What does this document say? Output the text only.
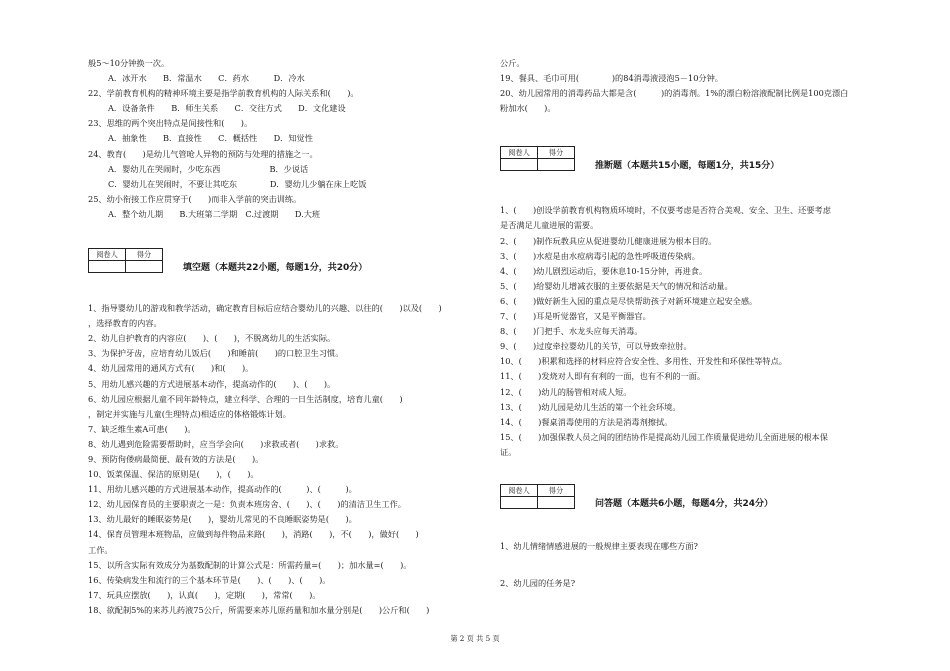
般5～10分钟换一次。
A．冰开水　　B．常温水　　C．药水　　　D．冷水
22、学前教育机构的精神环境主要是指学前教育机构的人际关系和(　　)。
A．设备条件　　B．师生关系　　C．交往方式　　D．文化建设
23、思维的两个突出特点是间接性和(　　)。
A．抽象性　　B．直接性　　C．概括性　　D．知觉性
24、教育(　　)是幼儿气管呛人异物的预防与处理的措施之一。
A．婴幼儿在哭闹时，少吃东西　　　　　　B．少说话
C．婴幼儿在哭闹时，不要让其吃东　　　　D．婴幼儿少躺在床上吃饭
25、幼小衔接工作应贯穿于(　　)而非入学前的突击训练。
A．整个幼儿期　　B.大班第二学期　C.过渡期　　D.大班
阅卷人	得分

填空题（本题共22小题，每题1分，共20分）
1、指导婴幼儿的游戏和教学活动，确定教育目标后应结合婴幼儿的兴趣、以往的(　　)以及(　　)
，选择教育的内容。
2、幼儿自护教育的内容应(　　)、(　　)，不脱离幼儿的生活实际。
3、为保护牙齿，应培育幼儿饭后(　　)和睡前(　　)的口腔卫生习惯。
4、幼儿园常用的通风方式有(　　)和(　　)。
5、用幼儿感兴趣的方式进展基本动作，提高动作的(　　)、(　　)。
6、幼儿园应根据儿童不同年龄特点，建立科学、合理的一日生活制度，培育儿童(　　)
，制定并实施与儿童(生理特点)相适应的体格锻炼计划。
7、缺乏维生素A可患(　　)。
8、幼儿遇到危险需要帮助时，应当学会向(　　)求救或者(　　)求救。
9、预防佝偻病最简便、最有效的方法是(　　)。
10、饭菜保温、保洁的原则是(　　)，(　　)。
11、用幼儿感兴趣的方式进展基本动作，提高动作的(　　　)、(　　　)。
12、幼儿园保育员的主要职责之一是：负责本班房舍、(　　)、(　　)的清洁卫生工作。
13、幼儿最好的睡眠姿势是(　　)，婴幼儿常见的不良睡眠姿势是(　　)。
14、保育员管理本班物品，应做到每件物品来路(　　)，消路(　　)，不(　　)，做好(　　)
工作。
15、以所含实际有效成分为基数配制的计算公式是：所需药量=(　　)；加水量=(　　)。
16、传染病发生和流行的三个基本环节是(　　)、(　　)、(　　)。
17、玩具应摆放(　　)，认真(　　)，定期(　　)，常常(　　)。
18、欲配制5%的来苏儿药液75公斤，所需要来苏儿原药量和加水量分别是(　　)公斤和(　　)
公斤。
19、餐具、毛巾可用(　　　　)的84消毒液浸泡5－10分钟。
20、幼儿园常用的消毒药品大都是含(　　　)的消毒剂。1%的漂白粉溶液配制比例是100克漂白
粉加水(　　)。
阅卷人	得分

推断题（本题共15小题，每题1分，共15分）
1、(　　)创设学前教育机构物质环境时，不仅要考虑是否符合美观、安全、卫生、还要考虑
是否满足儿童进展的需要。
2、(　　)制作玩教具应从促进婴幼儿健康进展为根本目的。
3、(　　)水痘是由水痘病毒引起的急性呼吸道传染病。
4、(　　)幼儿剧烈运动后，要休息10-15分钟，再进食。
5、(　　)给婴幼儿增减衣服的主要依据是天气的情况和活动量。
6、(　　)做好新生入园的重点是尽快帮助孩子对新环境建立起安全感。
7、(　　)耳是听觉器官，又是平衡器官。
8、(　　)门把手、水龙头应每天消毒。
9、(　　)过度牵拉婴幼儿的关节，可以导致牵拉肘。
10、(　　)积累和选择的材料应符合安全性、多用性、开发性和环保性等特点。
11、(　　)发烧对人即有有利的一面，也有不利的一面。
12、(　　)幼儿的肠管相对成人短。
13、(　　)幼儿园是幼儿生活的第一个社会环境。
14、(　　)餐桌消毒使用的方法是消毒剂擦拭。
15、(　　)加强保教人员之间的团结协作是提高幼儿园工作质量促进幼儿全面进展的根本保
证。
阅卷人	得分

问答题（本题共6小题，每题4分，共24分）
1、幼儿情绪情感进展的一般规律主要表现在哪些方面?
2、幼儿园的任务是?
第 2 页 共 5 页
